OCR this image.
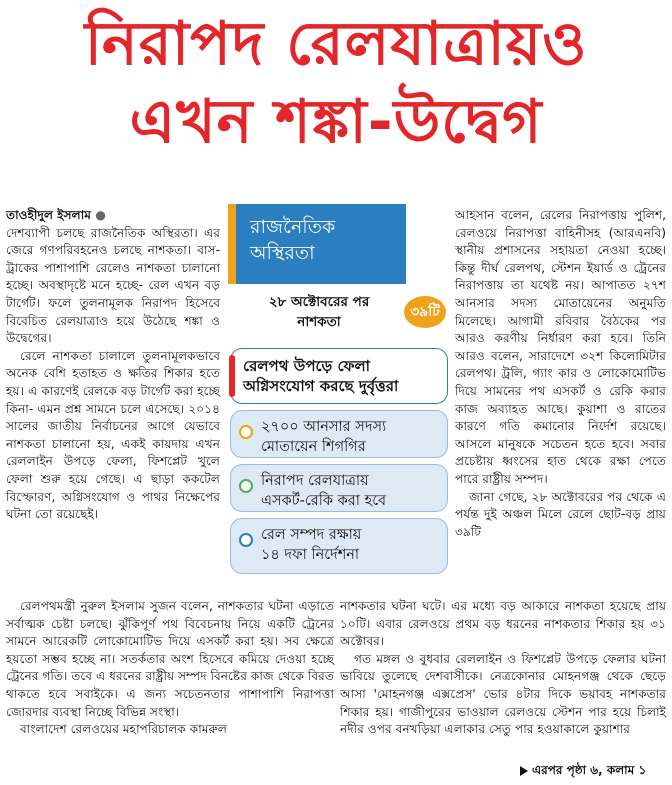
নিরাপদ রেলযাত্রায়ও
এখন শঙ্কা-উদ্বেগ

তাওহীদুল ইসলাম ●

দেশব্যাপী চলছে রাজনৈতিক অস্থিরতা। এর জেরে গণপরিবহনেও চলছে নাশকতা। বাস-ট্রাকের পাশাপাশি রেলেও নাশকতা চালানো হচ্ছে। অবস্থাদৃষ্টে মনে হচ্ছে- রেল এখন বড় টার্গেট। ফলে তুলনামূলক নিরাপদ হিসেবে বিবেচিত রেলযাত্রাও হয়ে উঠেছে শঙ্কা ও উদ্বেগের।

রেলে নাশকতা চালালে তুলনামূলকভাবে অনেক বেশি হতাহত ও ক্ষতির শিকার হতে হয়। এ কারণেই রেলকে বড় টার্গেট করা হচ্ছে কিনা- এমন প্রশ্ন সামনে চলে এসেছে। ২০১৪ সালের জাতীয় নির্বাচনের আগে যেভাবে নাশকতা চালানো হয়, একই কায়দায় এখন রেললাইন উপড়ে ফেলা, ফিশপ্লেট খুলে ফেলা শুরু হয়ে গেছে। এ ছাড়া ককটেল বিস্ফোরণ, অগ্নিসংযোগ ও পাথর নিক্ষেপের ঘটনা তো রয়েছেই।

রাজনৈতিক
অস্থিরতা
২৮ অক্টোবরের পর
নাশকতা
৩৯টি
রেলপথ উপড়ে ফেলা
অগ্নিসংযোগ করছে দুর্বৃত্তরা
২৭০০ আনসার সদস্য
মোতায়েন শিগগির
নিরাপদ রেলযাত্রায়
এসকর্ট-রেকি করা হবে
রেল সম্পদ রক্ষায়
১৪ দফা নির্দেশনা

আহসান বলেন, রেলের নিরাপত্তায় পুলিশ, রেলওয়ে নিরাপত্তা বাহিনীসহ (আরএনবি) স্থানীয় প্রশাসনের সহায়তা নেওয়া হচ্ছে। কিন্তু দীর্ঘ রেলপথ, স্টেশন ইয়ার্ড ও ট্রেনের নিরাপত্তায় তা যথেষ্ট নয়। আপাতত ২৭শ আনসার সদস্য মোতায়েনের অনুমতি মিলেছে। আগামী রবিবার বৈঠকের পর আরও করণীয় নির্ধারণ করা হবে। তিনি আরও বলেন, সারাদেশে ৩২শ কিলোমিটার রেলপথ। ট্রলি, গ্যাং কার ও লোকোমোটিভ দিয়ে সামনের পথ এসকর্ট ও রেকি করার কাজ অব্যাহত আছে। কুয়াশা ও রাতের কারণে গতি কমানোর নির্দেশ রয়েছে। আসলে মানুষকে সচেতন হতে হবে। সবার প্রচেষ্টায় ধ্বংসের হাত থেকে রক্ষা পেতে পারে রাষ্ট্রীয় সম্পদ।

জানা গেছে, ২৮ অক্টোবরের পর থেকে এ পর্যন্ত দুই অঞ্চল মিলে রেলে ছোট-বড় প্রায় ৩৯টি

রেলপথমন্ত্রী নুরুল ইসলাম সুজন বলেন, নাশকতার ঘটনা এড়াতে সর্বাত্মক চেষ্টা চলছে। ঝুঁকিপূর্ণ পথ বিবেচনায় নিয়ে একটি ট্রেনের সামনে আরেকটি লোকোমোটিভ দিয়ে এসকর্ট করা হয়। সব ক্ষেত্রে হয়তো সম্ভব হচ্ছে না। সতর্কতার অংশ হিসেবে কমিয়ে দেওয়া হচ্ছে ট্রেনের গতি। তবে এ ধরনের রাষ্ট্রীয় সম্পদ বিনষ্টের কাজ থেকে বিরত থাকতে হবে সবাইকে। এ জন্য সচেতনতার পাশাপাশি নিরাপত্তা জোরদার ব্যবস্থা নিচ্ছে বিভিন্ন সংস্থা।

বাংলাদেশ রেলওয়ের মহাপরিচালক কামরুল

নাশকতার ঘটনা ঘটে। এর মধ্যে বড় আকারে নাশকতা হয়েছে প্রায় ১০টি। এবার রেলওয়ে প্রথম বড় ধরনের নাশকতার শিকার হয় ৩১ অক্টোবর।

গত মঙ্গল ও বুধবার রেললাইন ও ফিশপ্লেট উপড়ে ফেলার ঘটনা ভাবিয়ে তুলেছে দেশবাসীকে। নেত্রকোনার মোহনগঞ্জ থেকে ছেড়ে আসা 'মোহনগঞ্জ এক্সপ্রেস' ভোর ৪টার দিকে ভয়াবহ নাশকতার শিকার হয়। গাজীপুরের ভাওয়াল রেলওয়ে স্টেশন পার হয়ে চিলাই নদীর ওপর বনখড়িয়া এলাকার সেতু পার হওয়াকালে কুয়াশার

এরপর পৃষ্ঠা ৬, কলাম ১
